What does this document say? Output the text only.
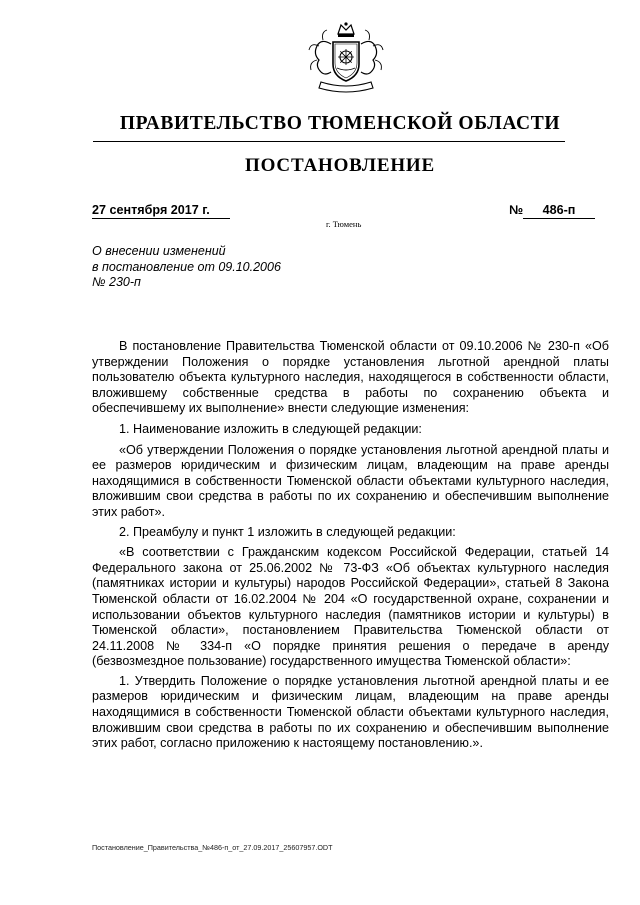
ПРАВИТЕЛЬСТВО ТЮМЕНСКОЙ ОБЛАСТИ
ПОСТАНОВЛЕНИЕ
27 сентября 2017 г.	№	486-п
г. Тюмень
О внесении изменений
в постановление от 09.10.2006
№ 230-п

В постановление Правительства Тюменской области от 09.10.2006 № 230-п «Об утверждении Положения о порядке установления льготной арендной платы пользователю объекта культурного наследия, находящегося в собственности области, вложившему собственные средства в работы по сохранению объекта и обеспечившему их выполнение» внести следующие изменения:

1. Наименование изложить в следующей редакции:

«Об утверждении Положения о порядке установления льготной арендной платы и ее размеров юридическим и физическим лицам, владеющим на праве аренды находящимися в собственности Тюменской области объектами культурного наследия, вложившим свои средства в работы по их сохранению и обеспечившим выполнение этих работ».

2. Преамбулу и пункт 1 изложить в следующей редакции:

«В соответствии с Гражданским кодексом Российской Федерации, статьей 14 Федерального закона от 25.06.2002 № 73-ФЗ «Об объектах культурного наследия (памятниках истории и культуры) народов Российской Федерации», статьей 8 Закона Тюменской области от 16.02.2004 № 204 «О государственной охране, сохранении и использовании объектов культурного наследия (памятников истории и культуры) в Тюменской области», постановлением Правительства Тюменской области от 24.11.2008 № 334-п «О порядке принятия решения о передаче в аренду (безвозмездное пользование) государственного имущества Тюменской области»:

1. Утвердить Положение о порядке установления льготной арендной платы и ее размеров юридическим и физическим лицам, владеющим на праве аренды находящимися в собственности Тюменской области объектами культурного наследия, вложившим свои средства в работы по их сохранению и обеспечившим выполнение этих работ, согласно приложению к настоящему постановлению.».

Постановление_Правительства_№486-п_от_27.09.2017_25607957.ODT
